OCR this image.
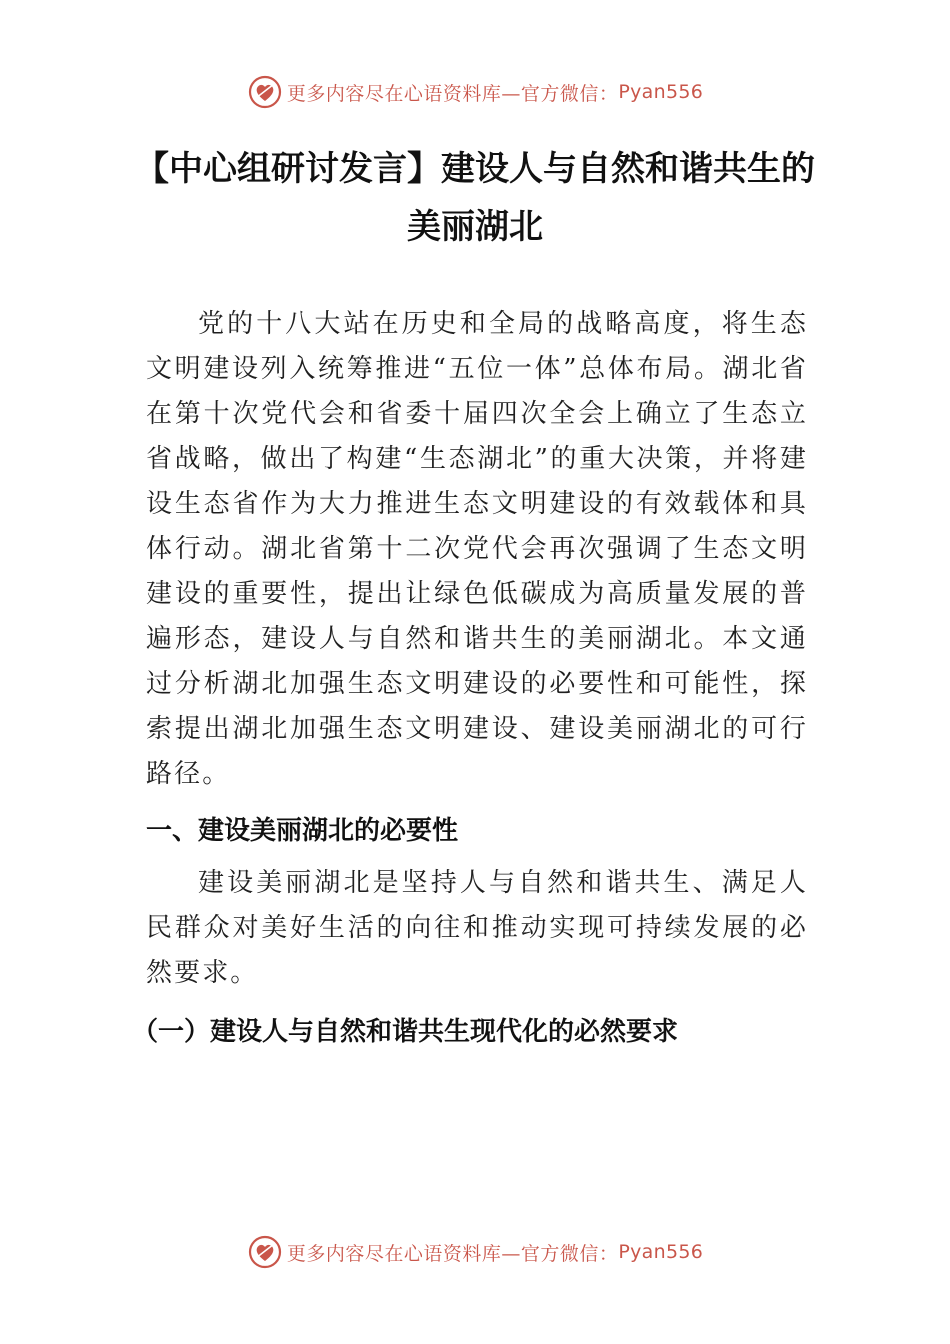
更多内容尽在心语资料库—官方微信： Pyan556
【中心组研讨发言】建设人与自然和谐共生的
美丽湖北

党的十八大站在历史和全局的战略高度，将生态文明建设列入统筹推进“五位一体”总体布局。湖北省在第十次党代会和省委十届四次全会上确立了生态立省战略，做出了构建“生态湖北”的重大决策，并将建设生态省作为大力推进生态文明建设的有效载体和具体行动。湖北省第十二次党代会再次强调了生态文明建设的重要性，提出让绿色低碳成为高质量发展的普遍形态，建设人与自然和谐共生的美丽湖北。本文通过分析湖北加强生态文明建设的必要性和可能性，探索提出湖北加强生态文明建设、建设美丽湖北的可行路径。

一、建设美丽湖北的必要性

建设美丽湖北是坚持人与自然和谐共生、满足人民群众对美好生活的向往和推动实现可持续发展的必然要求。

（一）建设人与自然和谐共生现代化的必然要求
更多内容尽在心语资料库—官方微信： Pyan556
